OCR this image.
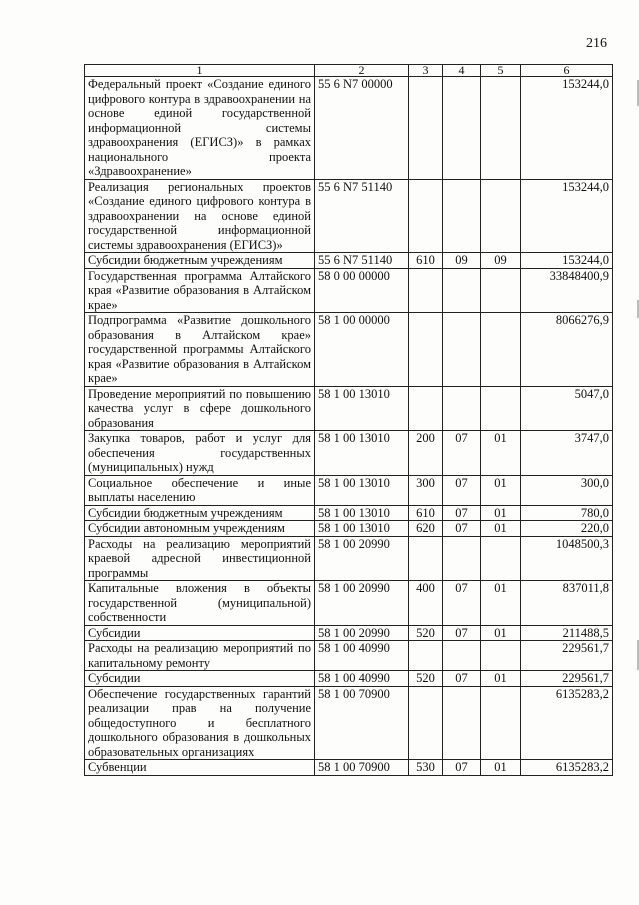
216
1	2	3	4	5	6
Федеральный проект «Создание единого цифрового контура в здравоохранении на основе единой государственной информационной системы здравоохранения (ЕГИСЗ)» в рамках национального проекта «Здравоохранение»	55 6 N7 00000				153244,0
Реализация региональных проектов «Создание единого цифрового контура в здравоохранении на основе единой государственной информационной системы здравоохранения (ЕГИСЗ)»	55 6 N7 51140				153244,0
Субсидии бюджетным учреждениям	55 6 N7 51140	610	09	09	153244,0
Государственная программа Алтайского края «Развитие образования в Алтайском крае»	58 0 00 00000				33848400,9
Подпрограмма «Развитие дошкольного образования в Алтайском крае» государственной программы Алтайского края «Развитие образования в Алтайском крае»	58 1 00 00000				8066276,9
Проведение мероприятий по повышению качества услуг в сфере дошкольного образования	58 1 00 13010				5047,0
Закупка товаров, работ и услуг для обеспечения государственных (муниципальных) нужд	58 1 00 13010	200	07	01	3747,0
Социальное обеспечение и иные выплаты населению	58 1 00 13010	300	07	01	300,0
Субсидии бюджетным учреждениям	58 1 00 13010	610	07	01	780,0
Субсидии автономным учреждениям	58 1 00 13010	620	07	01	220,0
Расходы на реализацию мероприятий краевой адресной инвестиционной программы	58 1 00 20990				1048500,3
Капитальные вложения в объекты государственной (муниципальной) собственности	58 1 00 20990	400	07	01	837011,8
Субсидии	58 1 00 20990	520	07	01	211488,5
Расходы на реализацию мероприятий по капитальному ремонту	58 1 00 40990				229561,7
Субсидии	58 1 00 40990	520	07	01	229561,7
Обеспечение государственных гарантий реализации прав на получение общедоступного и бесплатного дошкольного образования в дошкольных образовательных организациях	58 1 00 70900				6135283,2
Субвенции	58 1 00 70900	530	07	01	6135283,2
